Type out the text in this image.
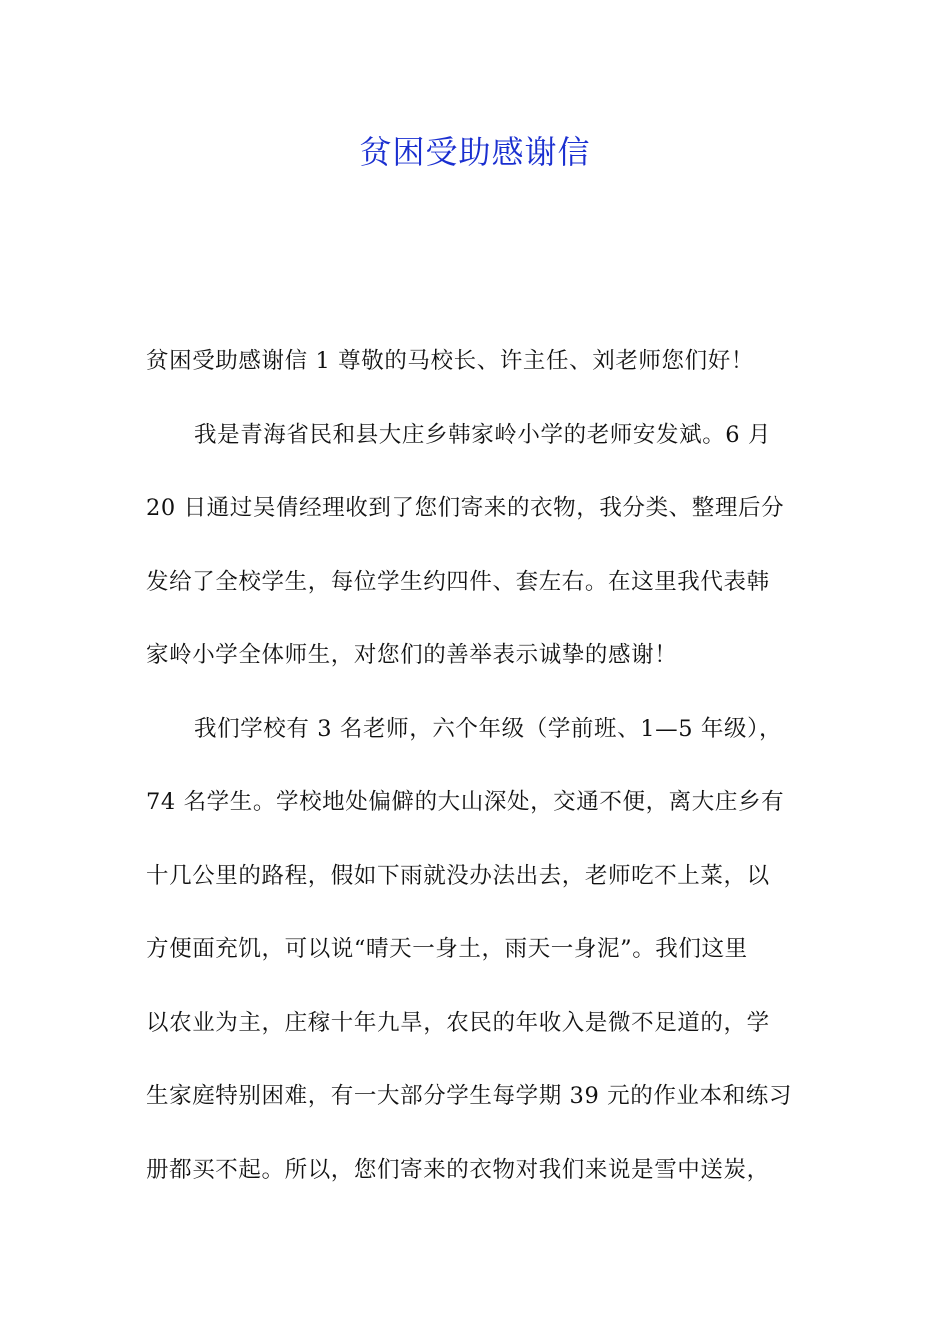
贫困受助感谢信
贫困受助感谢信 1 尊敬的马校长、许主任、刘老师您们好！
我是青海省民和县大庄乡韩家岭小学的老师安发斌。6 月
20 日通过吴倩经理收到了您们寄来的衣物，我分类、整理后分
发给了全校学生，每位学生约四件、套左右。在这里我代表韩
家岭小学全体师生，对您们的善举表示诚挚的感谢！
我们学校有 3 名老师，六个年级（学前班、1—5 年级），
74 名学生。学校地处偏僻的大山深处，交通不便，离大庄乡有
十几公里的路程，假如下雨就没办法出去，老师吃不上菜，以
方便面充饥，可以说“晴天一身土，雨天一身泥”。我们这里
以农业为主，庄稼十年九旱，农民的年收入是微不足道的，学
生家庭特别困难，有一大部分学生每学期 39 元的作业本和练习
册都买不起。所以，您们寄来的衣物对我们来说是雪中送炭，
